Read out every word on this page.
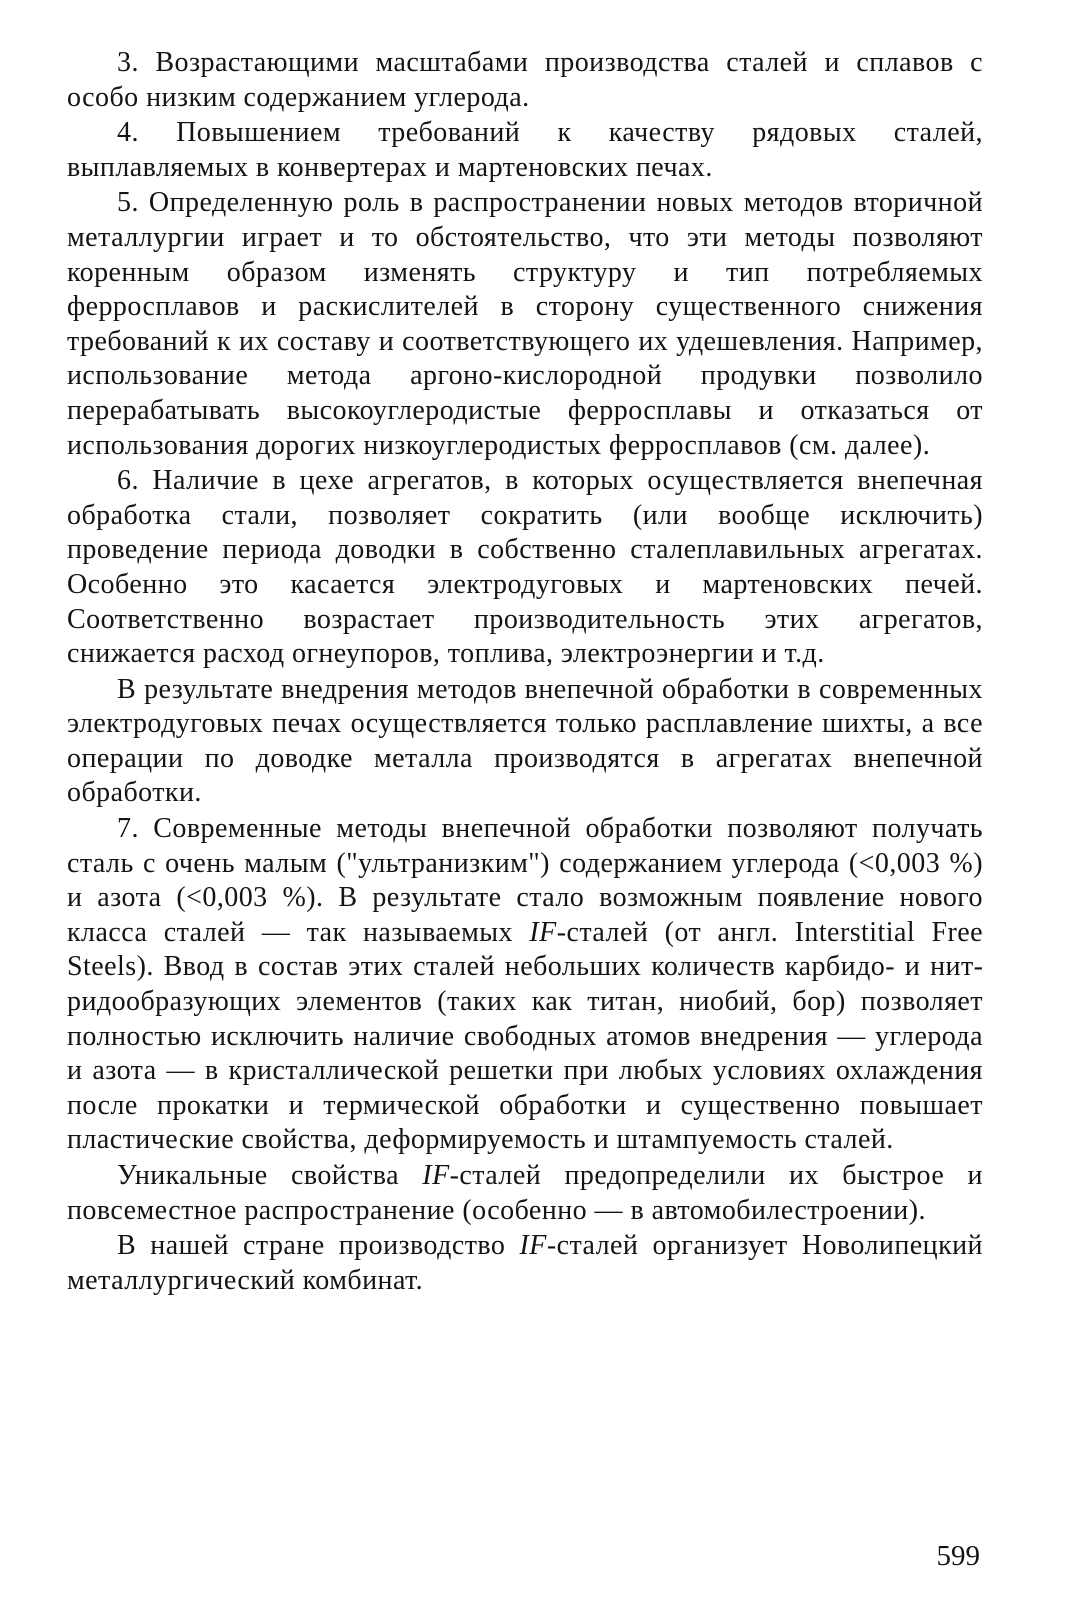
3. Возрастающими масштабами производства сталей и сплавов с особо низким содержанием углерода.

4. Повышением требований к качеству рядовых сталей, выплавляемых в конвертерах и мартеновских печах.

5. Определенную роль в распространении новых методов вторичной металлургии играет и то обстоятельство, что эти методы позволяют коренным образом изменять структуру и тип потребляемых ферросплавов и раскислителей в сторону существенного снижения требований к их составу и соответствующего их удешевления. Например, использование метода аргоно-кислородной продувки позволило перерабатывать высокоуглеродистые ферросплавы и отказаться от использования дорогих низкоуглеродистых ферросплавов (см. далее).

6. Наличие в цехе агрегатов, в которых осуществляется внепечная обработка стали, позволяет сократить (или вообще исключить) проведение периода доводки в собственно сталеплавильных агрегатах. Особенно это касается электродуговых и мартеновских печей. Соответственно возрастает производительность этих агрегатов, снижается расход огнеупоров, топлива, электроэнергии и т.д.

В результате внедрения методов внепечной обработки в современных электродуговых печах осуществляется только расплавление шихты, а все операции по доводке металла производятся в агрегатах внепечной обработки.

7. Современные методы внепечной обработки позволяют получать сталь с очень малым ("ультранизким") содержанием углерода (<0,003 %) и азота (<0,003 %). В результате стало возможным появление нового класса сталей — так называемых IF-сталей (от англ. Interstitial Free Steels). Ввод в состав этих сталей небольших количеств карбидо- и нитридообразующих элементов (таких как титан, ниобий, бор) позволяет полностью исключить наличие свободных атомов внедрения — углерода и азота — в кристаллической решетки при любых условиях охлаждения после прокатки и термической обработки и существенно повышает пластические свойства, деформируемость и штампуемость сталей.

Уникальные свойства IF-сталей предопределили их быстрое и повсеместное распространение (особенно — в автомобилестроении).

В нашей стране производство IF-сталей организует Новолипецкий металлургический комбинат.

599
